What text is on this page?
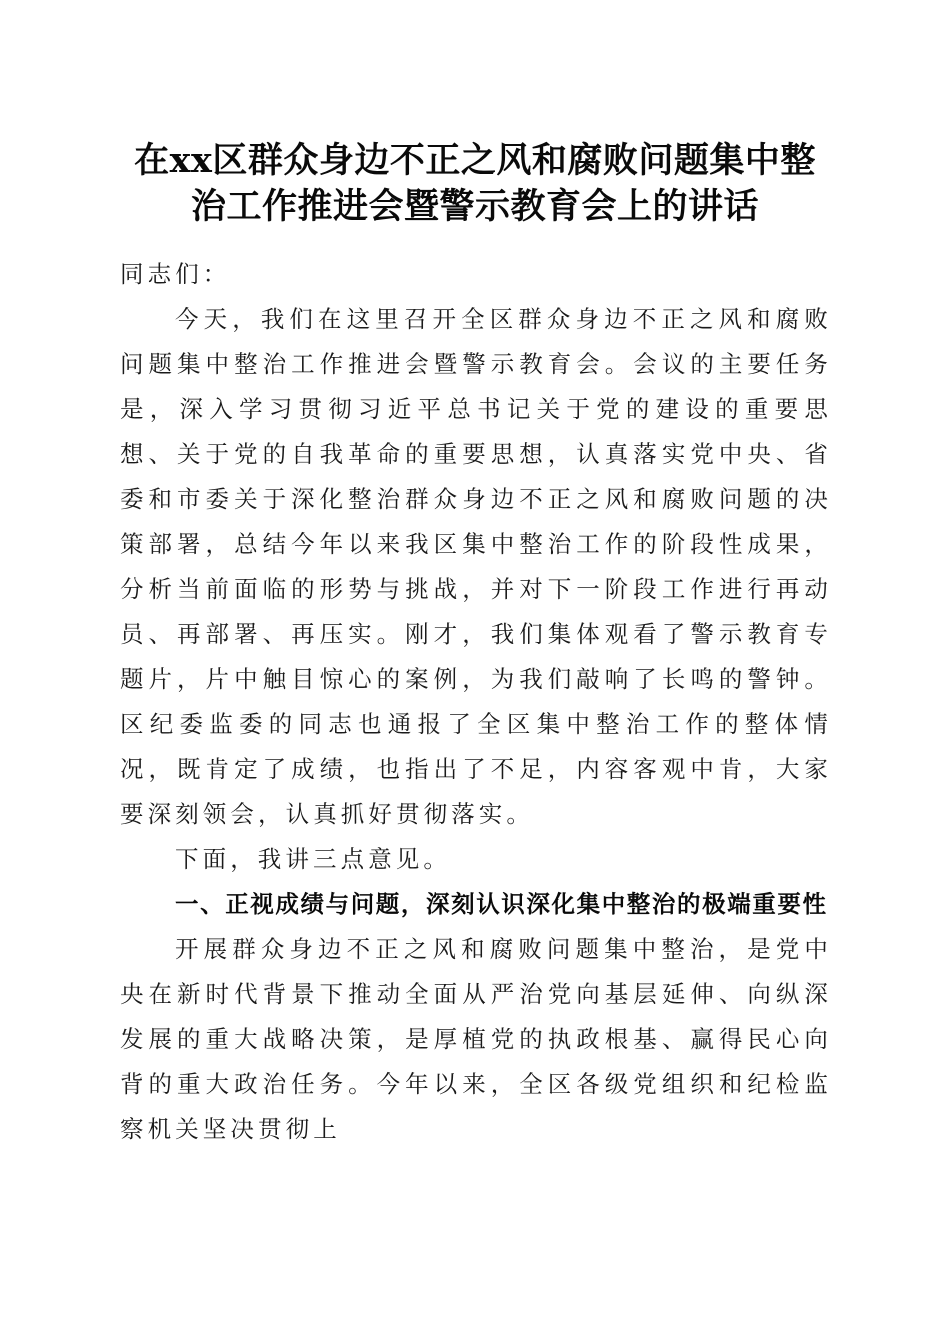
在xx区群众身边不正之风和腐败问题集中整
治工作推进会暨警示教育会上的讲话

同志们：

今天，我们在这里召开全区群众身边不正之风和腐败问题集中整治工作推进会暨警示教育会。会议的主要任务是，深入学习贯彻习近平总书记关于党的建设的重要思想、关于党的自我革命的重要思想，认真落实党中央、省委和市委关于深化整治群众身边不正之风和腐败问题的决策部署，总结今年以来我区集中整治工作的阶段性成果，分析当前面临的形势与挑战，并对下一阶段工作进行再动员、再部署、再压实。刚才，我们集体观看了警示教育专题片，片中触目惊心的案例，为我们敲响了长鸣的警钟。区纪委监委的同志也通报了全区集中整治工作的整体情况，既肯定了成绩，也指出了不足，内容客观中肯，大家要深刻领会，认真抓好贯彻落实。

下面，我讲三点意见。

一、正视成绩与问题，深刻认识深化集中整治的极端重要性

开展群众身边不正之风和腐败问题集中整治，是党中央在新时代背景下推动全面从严治党向基层延伸、向纵深发展的重大战略决策，是厚植党的执政根基、赢得民心向背的重大政治任务。今年以来，全区各级党组织和纪检监察机关坚决贯彻上
